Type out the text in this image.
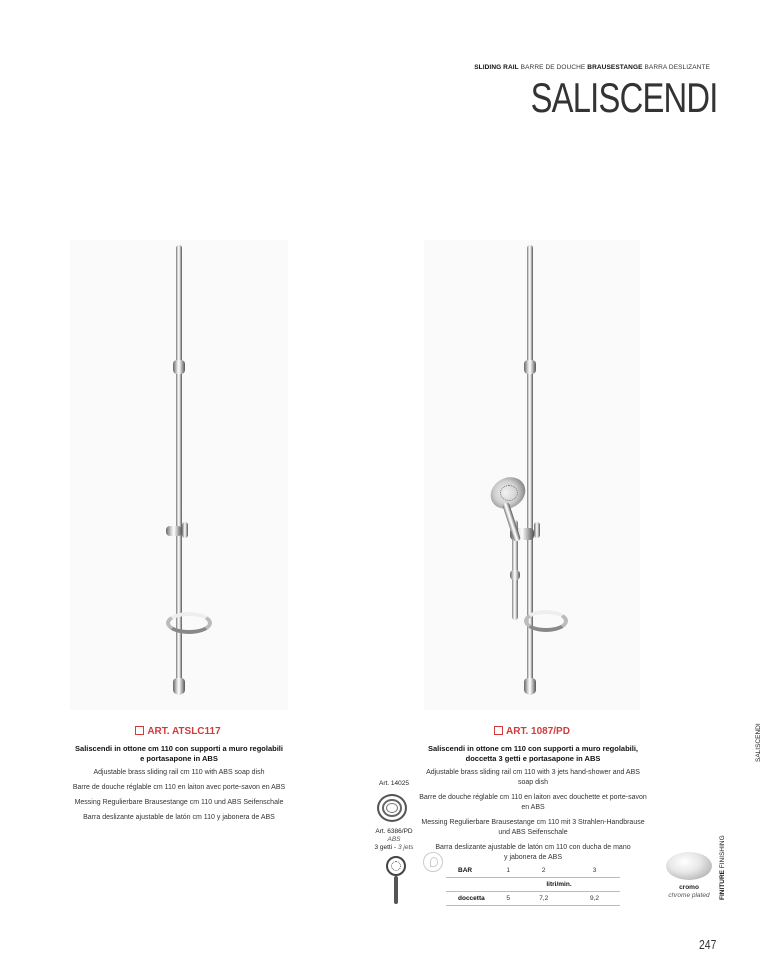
SLIDING RAIL BARRE DE DOUCHE BRAUSESTANGE BARRA DESLIZANTE
SALISCENDI
SALISCENDI
ART. ATSLC117
Saliscendi in ottone cm 110 con supporti a muro regolabili
e portasapone in ABS
Adjustable brass sliding rail cm 110 with ABS soap dish
Barre de douche réglable cm 110 en laiton avec porte-savon en ABS
Messing Regulierbare Brausestange cm 110 und ABS Seifenschale
Barra deslizante ajustable de latón cm 110 y jabonera de ABS
ART. 1087/PD
Saliscendi in ottone cm 110 con supporti a muro regolabili,
doccetta 3 getti e portasapone in ABS
Adjustable brass sliding rail cm 110 with 3 jets hand-shower and ABS soap dish
Barre de douche réglable cm 110 en laiton avec douchette et porte-savon en ABS
Messing Regulierbare Brausestange cm 110 mit 3 Strahlen-Handbrause
und ABS Seifenschale
Barra deslizante ajustable de latón cm 110 con ducha de mano
y jabonera de ABS
Art. 14025
Art. 6386/PD
ABS
3 getti - 3 jets
BAR	1	2	3
	litri/min.		
doccetta	5	7,2	9,2
cromo
chrome plated	FINITURE FINISHING
247
